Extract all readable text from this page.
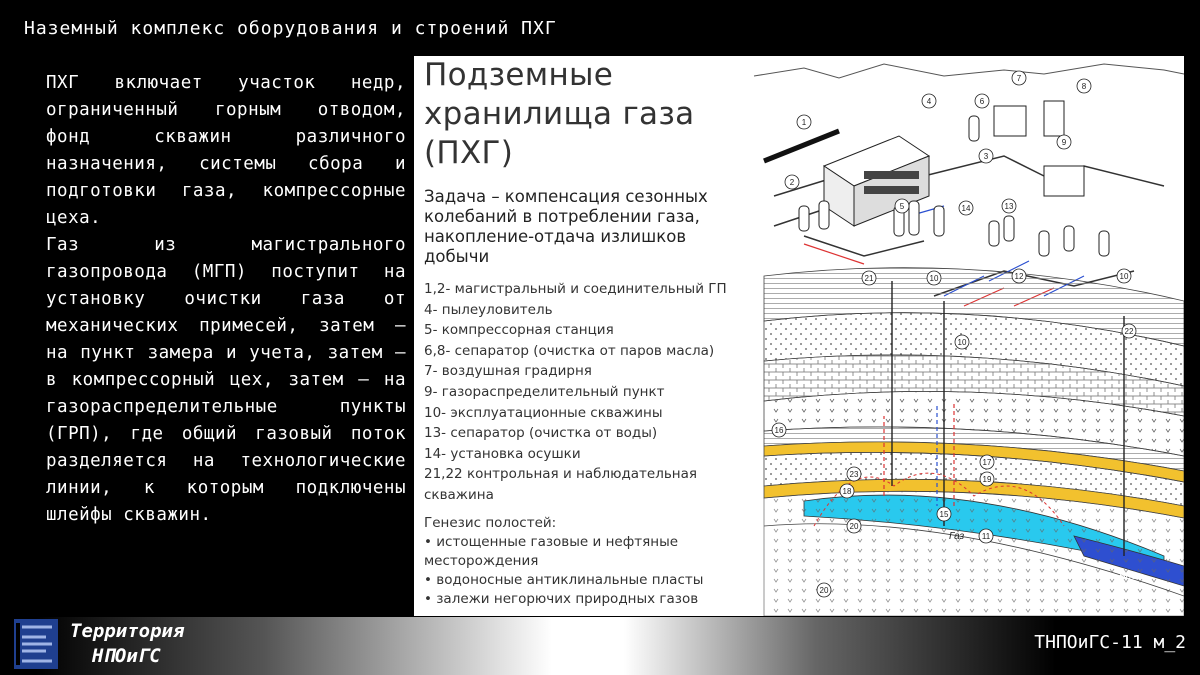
Наземный комплекс оборудования и строений ПХГ

ПХГ включает участок недр, ограниченный горным отводом, фонд скважин различного назначения, системы сбора и подготовки газа, компрессорные цеха.

Газ из магистрального газопровода (МГП) поступит на установку очистки газа от механических примесей, затем – на пункт замера и учета, затем – в компрессорный цех, затем – на газораспределительные пункты (ГРП), где общий газовый поток разделяется на технологические линии, к которым подключены шлейфы скважин.

Подземные хранилища газа (ПХГ)
Задача – компенсация сезонных колебаний в потреблении газа, накопление-отдача излишков добычи
1,2- магистральный и соединительный ГП
4- пылеуловитель
5- компрессорная станция
6,8- сепаратор (очистка от паров масла)
7- воздушная градирня
9- газораспределительный пункт
10- эксплуатационные скважины
13- сепаратор (очистка от воды)
14- установка осушки
21,22 контрольная и наблюдательная скважина
Генезис полостей:
• истощенные газовые и нефтяные месторождения
• водоносные антиклинальные пласты
• залежи негорючих природных газов
1
2
3
4	6
7
8
9
5	13
12	10
14
10
21
22
16
17
18
23
19
15
11
20
20
10
Газ
Вода
Территория
НПОиГС
ТНПОиГС-11 м_2
